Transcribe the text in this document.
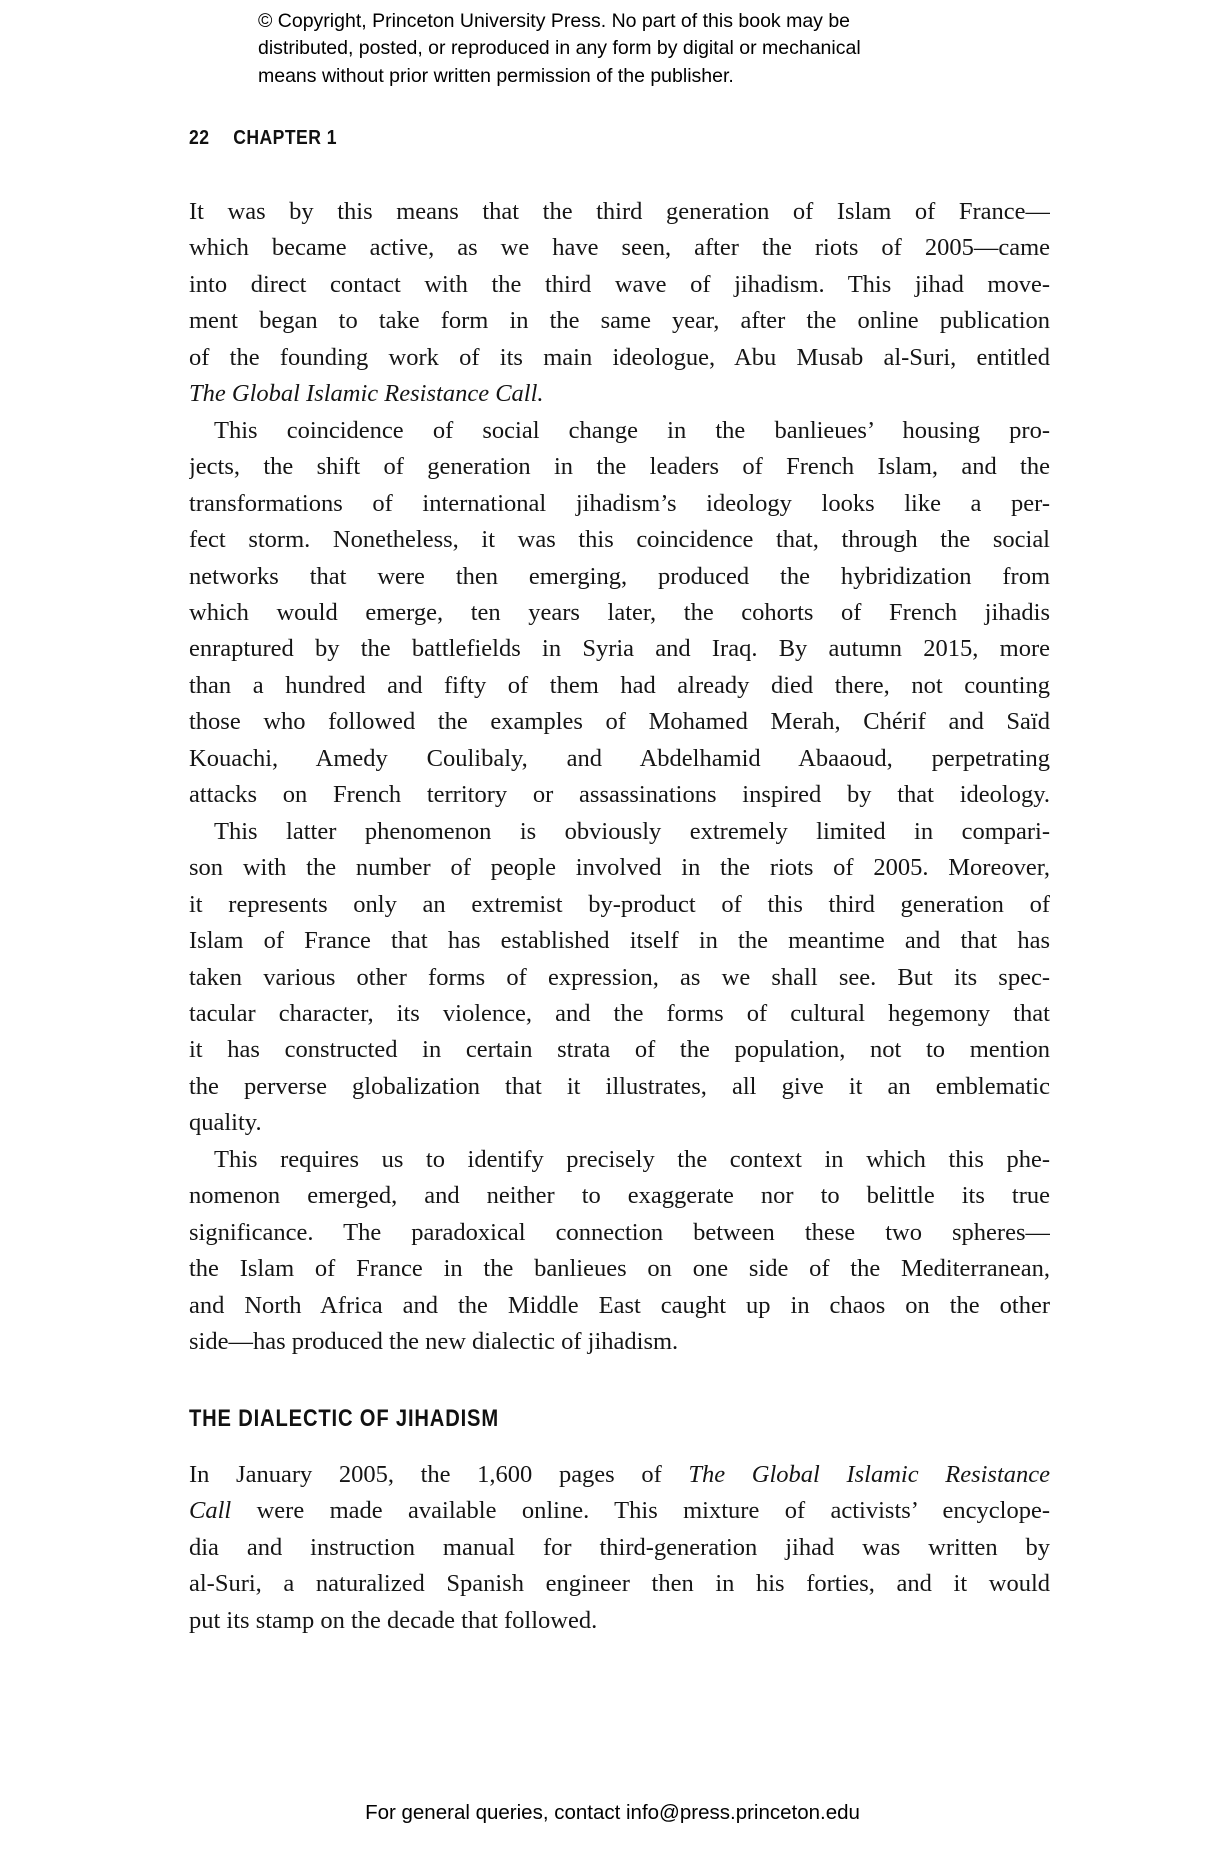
© Copyright, Princeton University Press. No part of this book may be
distributed, posted, or reproduced in any form by digital or mechanical
means without prior written permission of the publisher.
22 CHAPTER 1
It was by this means that the third generation of Islam of France—
which became active, as we have seen, after the riots of 2005—came
into direct contact with the third wave of jihadism. This jihad move-
ment began to take form in the same year, after the online publication
of the founding work of its main ideologue, Abu Musab al-Suri, entitled
The Global Islamic Resistance Call.
This coincidence of social change in the banlieues’ housing pro-
jects, the shift of generation in the leaders of French Islam, and the
transformations of international jihadism’s ideology looks like a per-
fect storm. Nonetheless, it was this coincidence that, through the social
networks that were then emerging, produced the hybridization from
which would emerge, ten years later, the cohorts of French jihadis
enraptured by the battlefields in Syria and Iraq. By autumn 2015, more
than a hundred and fifty of them had already died there, not counting
those who followed the examples of Mohamed Merah, Chérif and Saïd
Kouachi, Amedy Coulibaly, and Abdelhamid Abaaoud, perpetrating
attacks on French territory or assassinations inspired by that ideology.
This latter phenomenon is obviously extremely limited in compari-
son with the number of people involved in the riots of 2005. Moreover,
it represents only an extremist by-product of this third generation of
Islam of France that has established itself in the meantime and that has
taken various other forms of expression, as we shall see. But its spec-
tacular character, its violence, and the forms of cultural hegemony that
it has constructed in certain strata of the population, not to mention
the perverse globalization that it illustrates, all give it an emblematic
quality.
This requires us to identify precisely the context in which this phe-
nomenon emerged, and neither to exaggerate nor to belittle its true
significance. The paradoxical connection between these two spheres—
the Islam of France in the banlieues on one side of the Mediterranean,
and North Africa and the Middle East caught up in chaos on the other
side—has produced the new dialectic of jihadism.
THE DIALECTIC OF JIHADISM
In January 2005, the 1,600 pages of The Global Islamic Resistance
Call were made available online. This mixture of activists’ encyclope-
dia and instruction manual for third-generation jihad was written by
al-Suri, a naturalized Spanish engineer then in his forties, and it would
put its stamp on the decade that followed.
For general queries, contact info@press.princeton.edu
